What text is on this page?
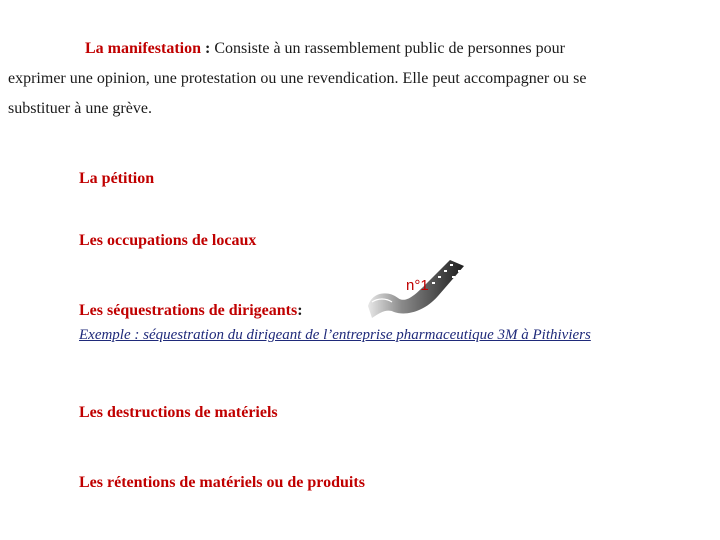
La manifestation : Consiste à un rassemblement public de personnes pour
exprimer une opinion, une protestation ou une revendication. Elle peut accompagner ou se
substituer à une grève.

La pétition

Les occupations de locaux

Les séquestrations de dirigeants:

Exemple : séquestration du dirigeant de l’entreprise pharmaceutique 3M à Pithiviers

n°1

Les destructions de matériels

Les rétentions de matériels ou de produits
